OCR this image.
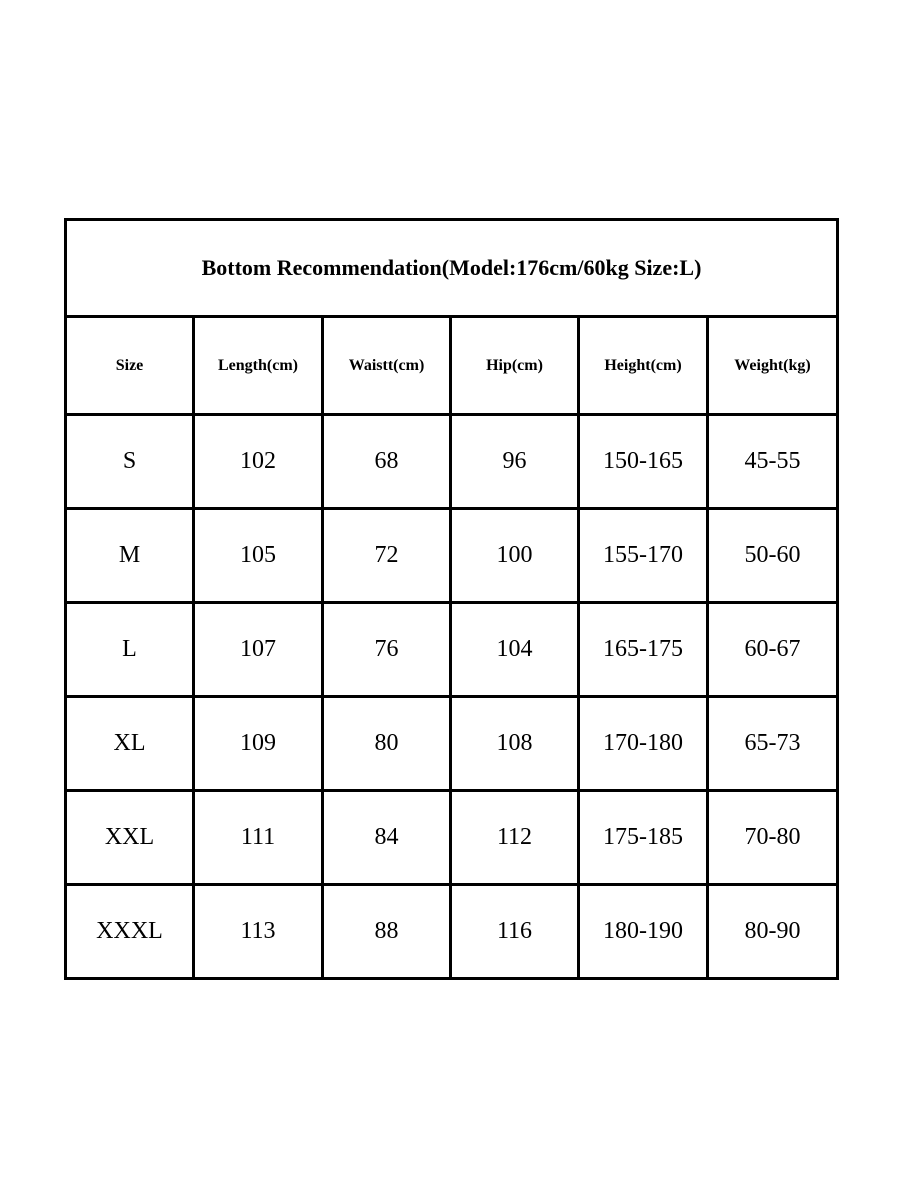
Bottom Recommendation(Model:176cm/60kg Size:L)					
Size	Length(cm)	Waistt(cm)	Hip(cm)	Height(cm)	Weight(kg)
S	102	68	96	150-165	45-55
M	105	72	100	155-170	50-60
L	107	76	104	165-175	60-67
XL	109	80	108	170-180	65-73
XXL	111	84	112	175-185	70-80
XXXL	113	88	116	180-190	80-90
